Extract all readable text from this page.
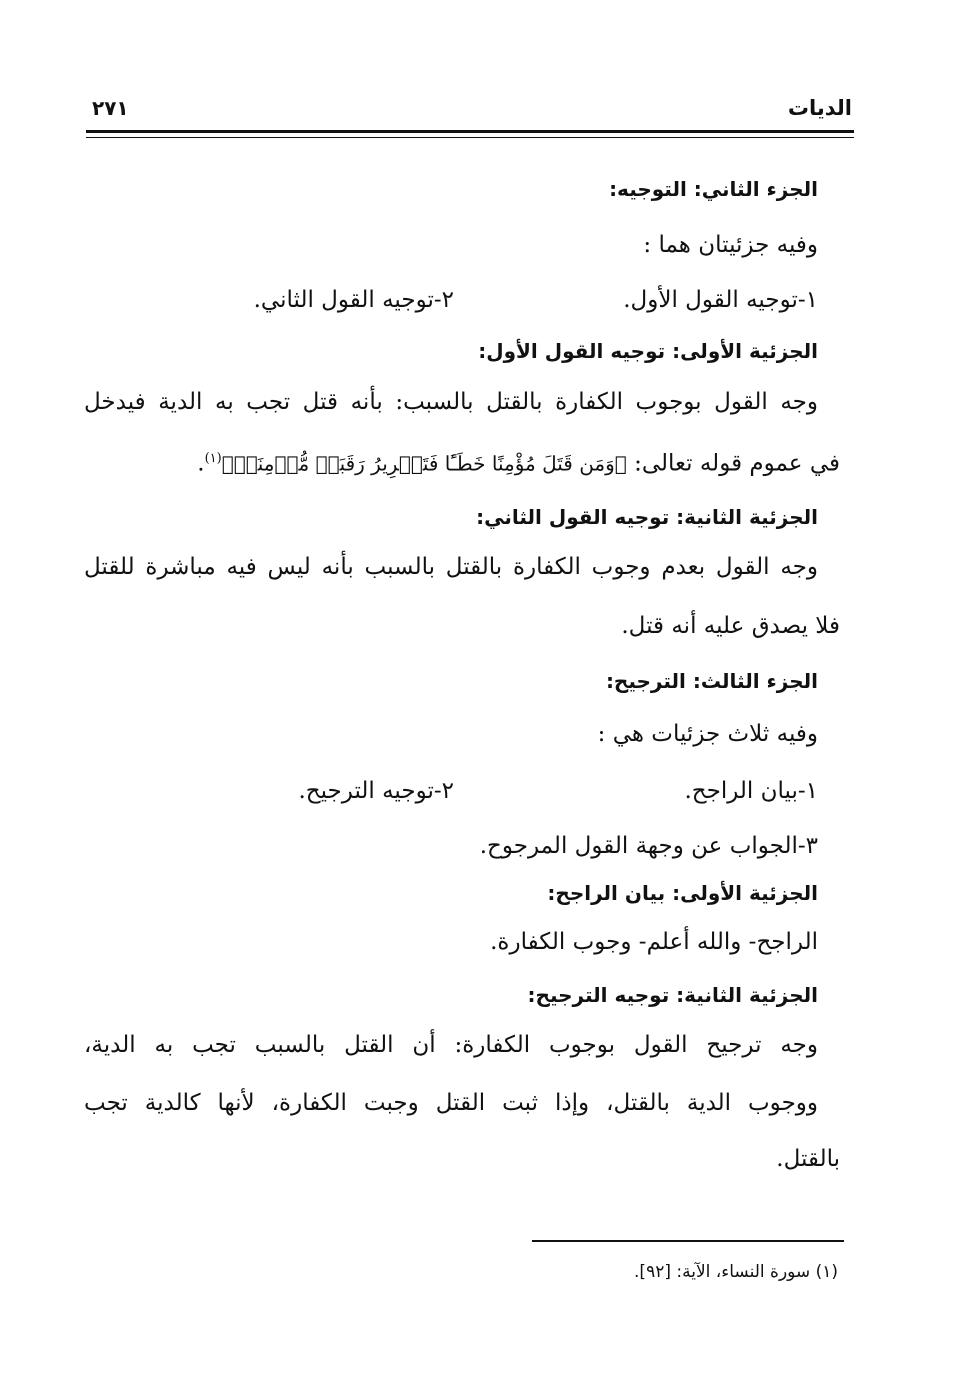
الديات
٢٧١
الجزء الثاني: التوجيه:
وفيه جزئيتان هما :
١-توجيه القول الأول.
٢-توجيه القول الثاني.
الجزئية الأولى: توجيه القول الأول:
وجه القول بوجوب الكفارة بالقتل بالسبب: بأنه قتل تجب به الدية فيدخل
في عموم قوله تعالى: ﴿وَمَن قَتَلَ مُؤْمِنًا خَطَـًٔا فَتَحۡرِيرُ رَقَبَةٖ مُّؤۡمِنَةٖ﴾$^{(١)}$.
الجزئية الثانية: توجيه القول الثاني:
وجه القول بعدم وجوب الكفارة بالقتل بالسبب بأنه ليس فيه مباشرة للقتل
فلا يصدق عليه أنه قتل.
الجزء الثالث: الترجيح:
وفيه ثلاث جزئيات هي :
١-بيان الراجح.
٢-توجيه الترجيح.
٣-الجواب عن وجهة القول المرجوح.
الجزئية الأولى: بيان الراجح:
الراجح- والله أعلم- وجوب الكفارة.
الجزئية الثانية: توجيه الترجيح:
وجه ترجيح القول بوجوب الكفارة: أن القتل بالسبب تجب به الدية،
ووجوب الدية بالقتل، وإذا ثبت القتل وجبت الكفارة، لأنها كالدية تجب
بالقتل.
(١) سورة النساء، الآية: [٩٢].
